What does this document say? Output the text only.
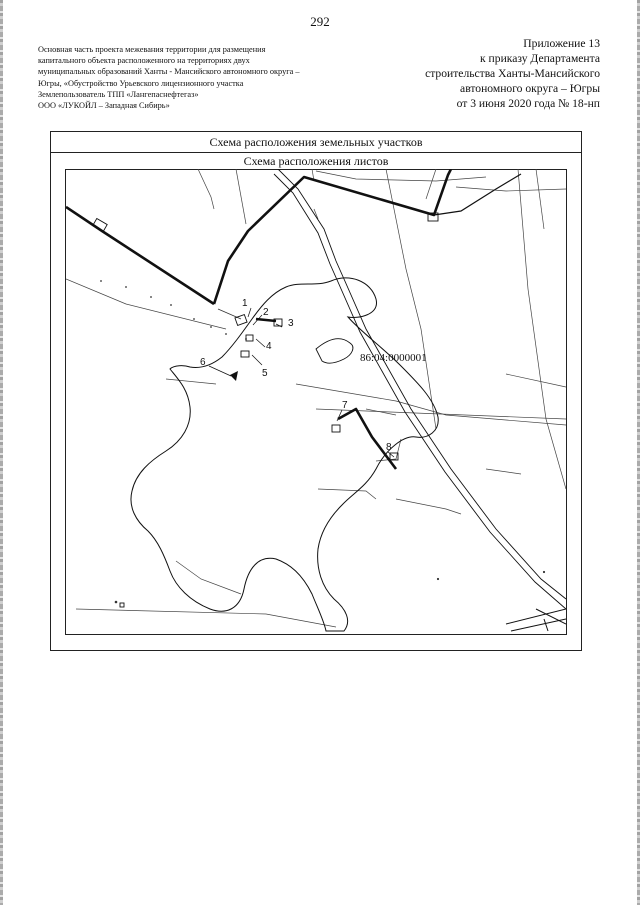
292
Основная часть проекта межевания территории для размещения
капитального объекта расположенного на территориях двух
муниципальных образований Ханты - Мансийского автономного округа –
Югры, «Обустройство Урьевского лицензионного участка
Землепользователь ТПП «Лангепаснефтегаз»
ООО «ЛУКОЙЛ – Западная Сибирь»
Приложение 13
к приказу Департамента
строительства Ханты-Мансийского
автономного округа – Югры
от 3 июня 2020 года № 18-нп
Схема расположения земельных участков
Схема расположения листов
1
2
3
4
5
6
7
8
86:04:0000001
